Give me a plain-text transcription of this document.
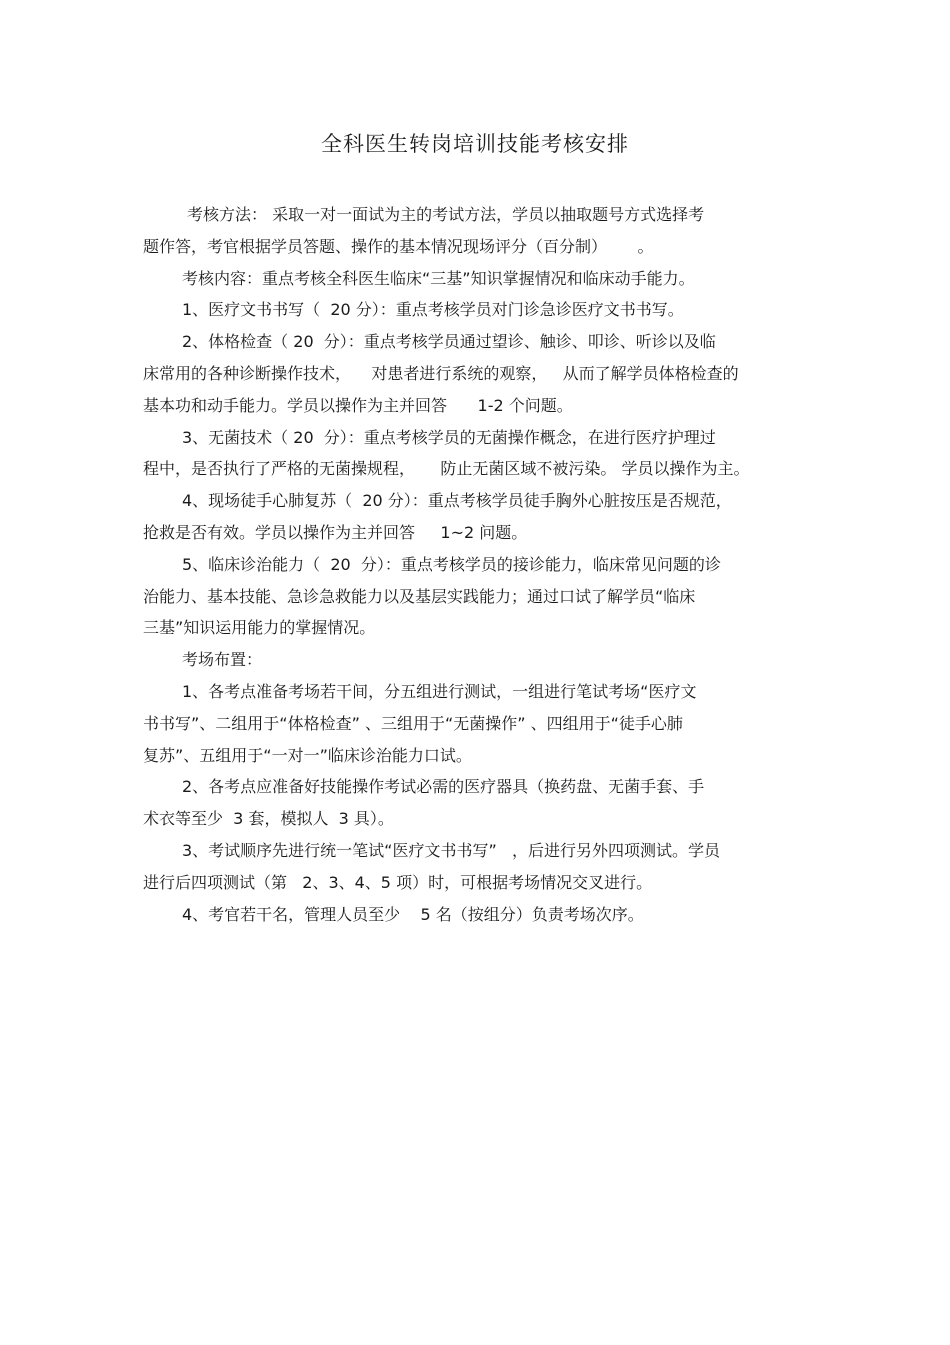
全科医生转岗培训技能考核安排
考核方法： 采取一对一面试为主的考试方法，学员以抽取题号方式选择考
题作答，考官根据学员答题、操作的基本情况现场评分（百分制）      。
考核内容：重点考核全科医生临床“三基”知识掌握情况和临床动手能力。
1、医疗文书书写（  20 分）：重点考核学员对门诊急诊医疗文书书写。
2、体格检查（ 20  分）：重点考核学员通过望诊、触诊、叩诊、听诊以及临
床常用的各种诊断操作技术，    对患者进行系统的观察，   从而了解学员体格检查的
基本功和动手能力。学员以操作为主并回答      1-2 个问题。
3、无菌技术（ 20  分）：重点考核学员的无菌操作概念，在进行医疗护理过
程中，是否执行了严格的无菌操规程，     防止无菌区域不被污染。 学员以操作为主。
4、现场徒手心肺复苏（  20 分）：重点考核学员徒手胸外心脏按压是否规范，
抢救是否有效。学员以操作为主并回答     1~2 问题。
5、临床诊治能力（  20  分）：重点考核学员的接诊能力，临床常见问题的诊
治能力、基本技能、急诊急救能力以及基层实践能力；通过口试了解学员“临床
三基”知识运用能力的掌握情况。
考场布置：
1、各考点准备考场若干间，分五组进行测试，一组进行笔试考场“医疗文
书书写”、二组用于“体格检查” 、三组用于“无菌操作” 、四组用于“徒手心肺
复苏”、五组用于“一对一”临床诊治能力口试。
2、各考点应准备好技能操作考试必需的医疗器具（换药盘、无菌手套、手
术衣等至少  3 套，模拟人  3 具）。
3、考试顺序先进行统一笔试“医疗文书书写”   ，后进行另外四项测试。学员
进行后四项测试（第   2、3、4、5 项）时，可根据考场情况交叉进行。
4、考官若干名，管理人员至少    5 名（按组分）负责考场次序。
